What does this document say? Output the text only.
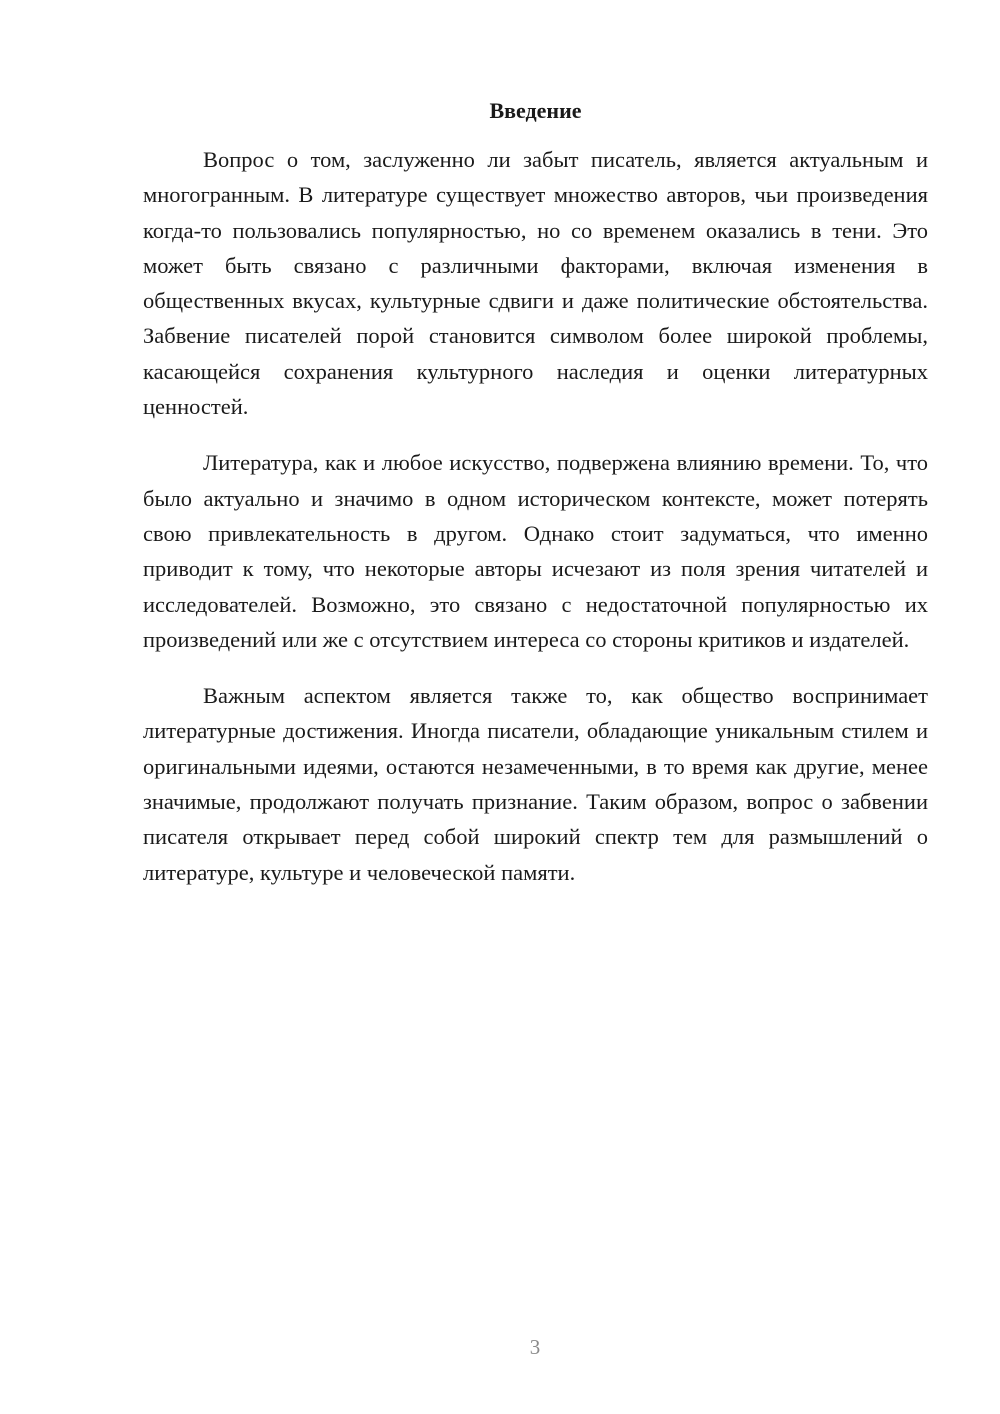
Введение

Вопрос о том, заслуженно ли забыт писатель, является актуальным и многогранным. В литературе существует множество авторов, чьи произведения когда-то пользовались популярностью, но со временем оказались в тени. Это может быть связано с различными факторами, включая изменения в общественных вкусах, культурные сдвиги и даже политические обстоятельства. Забвение писателей порой становится символом более широкой проблемы, касающейся сохранения культурного наследия и оценки литературных ценностей.

Литература, как и любое искусство, подвержена влиянию времени. То, что было актуально и значимо в одном историческом контексте, может потерять свою привлекательность в другом. Однако стоит задуматься, что именно приводит к тому, что некоторые авторы исчезают из поля зрения читателей и исследователей. Возможно, это связано с недостаточной популярностью их произведений или же с отсутствием интереса со стороны критиков и издателей.

Важным аспектом является также то, как общество воспринимает литературные достижения. Иногда писатели, обладающие уникальным стилем и оригинальными идеями, остаются незамеченными, в то время как другие, менее значимые, продолжают получать признание. Таким образом, вопрос о забвении писателя открывает перед собой широкий спектр тем для размышлений о литературе, культуре и человеческой памяти.

3
